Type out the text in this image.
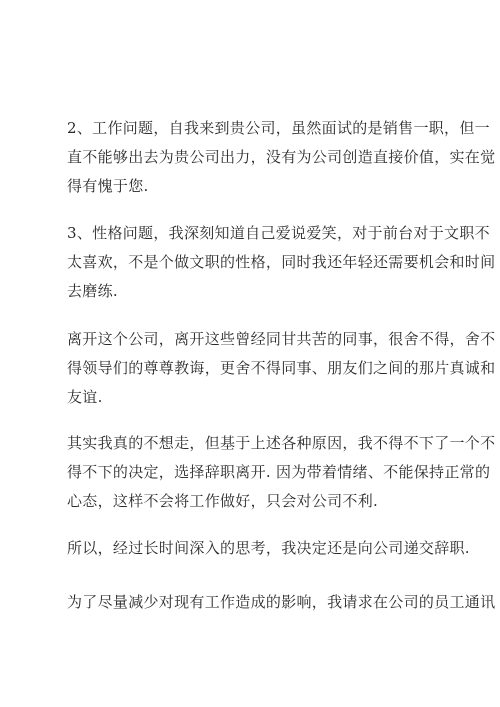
2、工作问题，自我来到贵公司，虽然面试的是销售一职，但一
直不能够出去为贵公司出力，没有为公司创造直接价值，实在觉
得有愧于您.
3、性格问题，我深刻知道自己爱说爱笑，对于前台对于文职不
太喜欢，不是个做文职的性格，同时我还年轻还需要机会和时间
去磨练.
离开这个公司，离开这些曾经同甘共苦的同事，很舍不得，舍不
得领导们的尊尊教诲，更舍不得同事、朋友们之间的那片真诚和
友谊.
其实我真的不想走，但基于上述各种原因，我不得不下了一个不
得不下的决定，选择辞职离开. 因为带着情绪、不能保持正常的
心态，这样不会将工作做好，只会对公司不利.
所以，经过长时间深入的思考，我决定还是向公司递交辞职.
为了尽量减少对现有工作造成的影响，我请求在公司的员工通讯
